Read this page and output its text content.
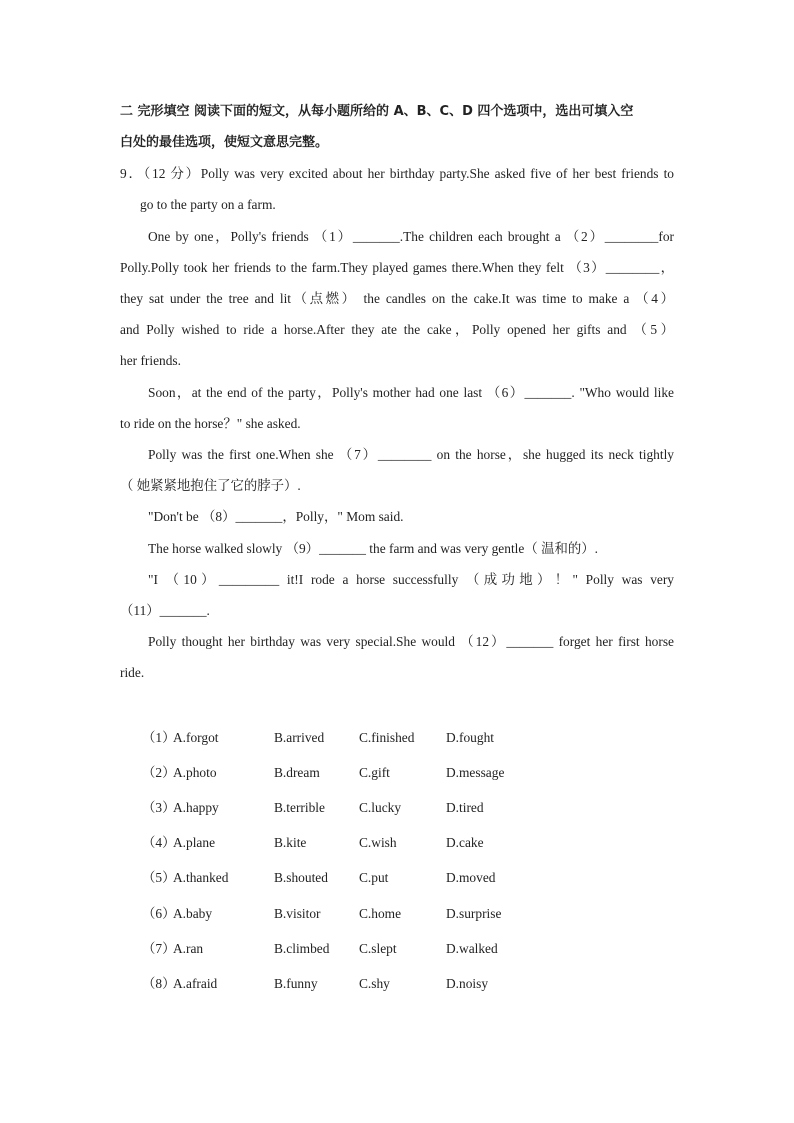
二 完形填空 阅读下面的短文，从每小题所给的 A、B、C、D 四个选项中，选出可填入空
白处的最佳选项，使短文意思完整。
9．（12 分）Polly was very excited about her birthday party.She asked five of her best friends to
go to the party on a farm.
One by one，Polly's friends （1）_______.The children each brought a （2）________for
Polly.Polly took her friends to the farm.They played games there.When they felt （3）________，
they sat under the tree and lit（点燃） the candles on the cake.It was time to make a （4）
and Polly wished to ride a horse.After they ate the cake，Polly opened her gifts and （5）
her friends.
Soon，at the end of the party，Polly's mother had one last （6）_______. "Who would like
to ride on the horse？" she asked.
Polly was the first one.When she （7）________ on the horse，she hugged its neck tightly
（ 她紧紧地抱住了它的脖子）.
"Don't be （8）_______，Polly，" Mom said.
The horse walked slowly （9）_______ the farm and was very gentle（ 温和的）.
"I （10）_________ it!I rode a horse successfully （成功地）！" Polly was very
（11）_______.
Polly thought her birthday was very special.She would （12）_______ forget her first horse
ride.
（1）
A.forgot	B.arrived	C.finished D.fought
（2）
A.photo	B.dream	C.gift	D.message
（3）
A.happy	B.terrible	C.lucky	D.tired
（4）
A.plane	B.kite	C.wish	D.cake
（5）
A.thanked	B.shouted C.put	D.moved
（6）
A.baby	B.visitor	C.home	D.surprise
（7）
A.ran	B.climbed C.slept	D.walked
（8）
A.afraid	B.funny	C.shy	D.noisy
